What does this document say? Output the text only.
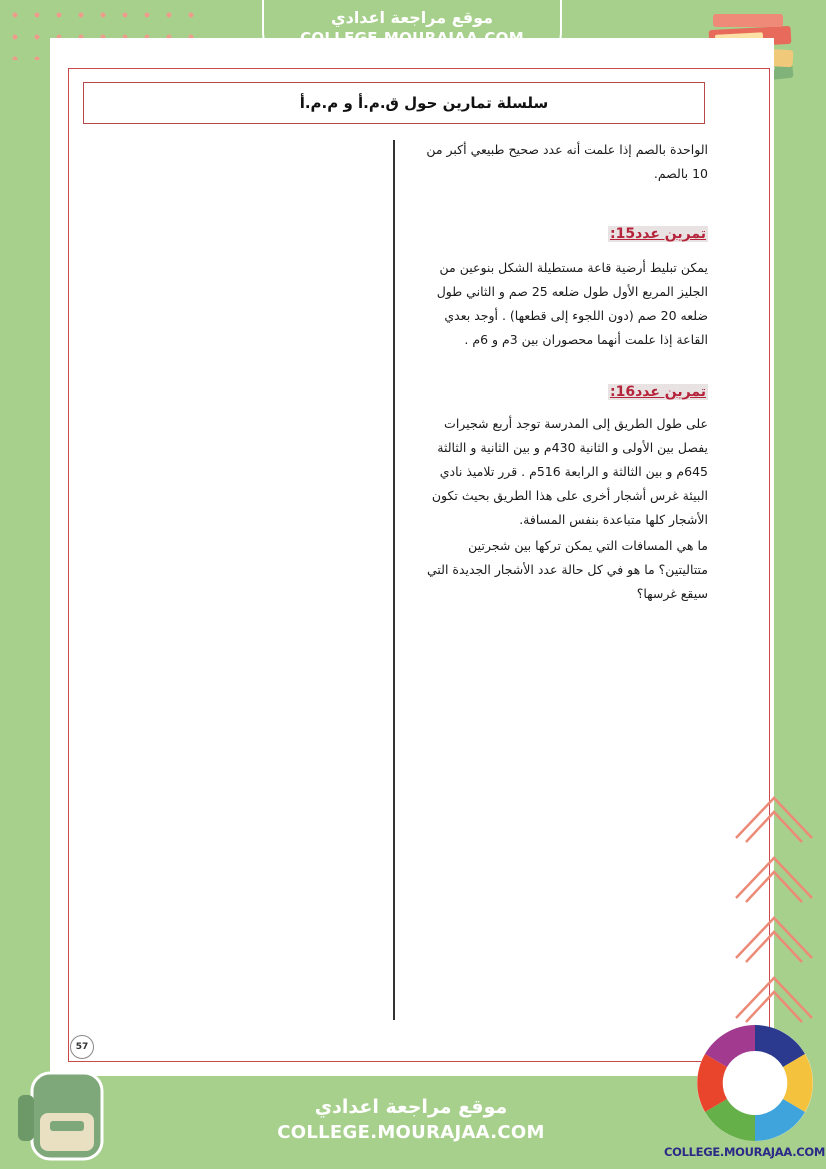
موقع مراجعة اعدادي
سلسلة تمارين حول ق.م.أ و م.م.أ
الواحدة بالصم إذا علمت أنه عدد صحيح طبيعي أكبر من
10 بالصم.
تمرين عدد15:
يمكن تبليط أرضية قاعة مستطيلة الشكل بنوعين من
الجليز المربع الأول طول ضلعه 25 صم و الثاني طول
ضلعه 20 صم (دون اللجوء إلى قطعها) . أوجد بعدي
القاعة إذا علمت أنهما محصوران بين 3م و 6م .
تمرين عدد16:
على طول الطريق إلى المدرسة توجد أربع شجيرات
يفصل بين الأولى و الثانية 430م و بين الثانية و الثالثة
645م و بين الثالثة و الرابعة 516م . قرر تلاميذ نادي
البيئة غرس أشجار أخرى على هذا الطريق بحيث تكون
الأشجار كلها متباعدة بنفس المسافة.
ما هي المسافات التي يمكن تركها بين شجرتين
متتاليتين؟ ما هو في كل حالة عدد الأشجار الجديدة التي
سيقع غرسها؟
57
موقع مراجعة اعدادي
COLLEGE.MOURAJAA.COM
COLLEGE.MOURAJAA.COM
